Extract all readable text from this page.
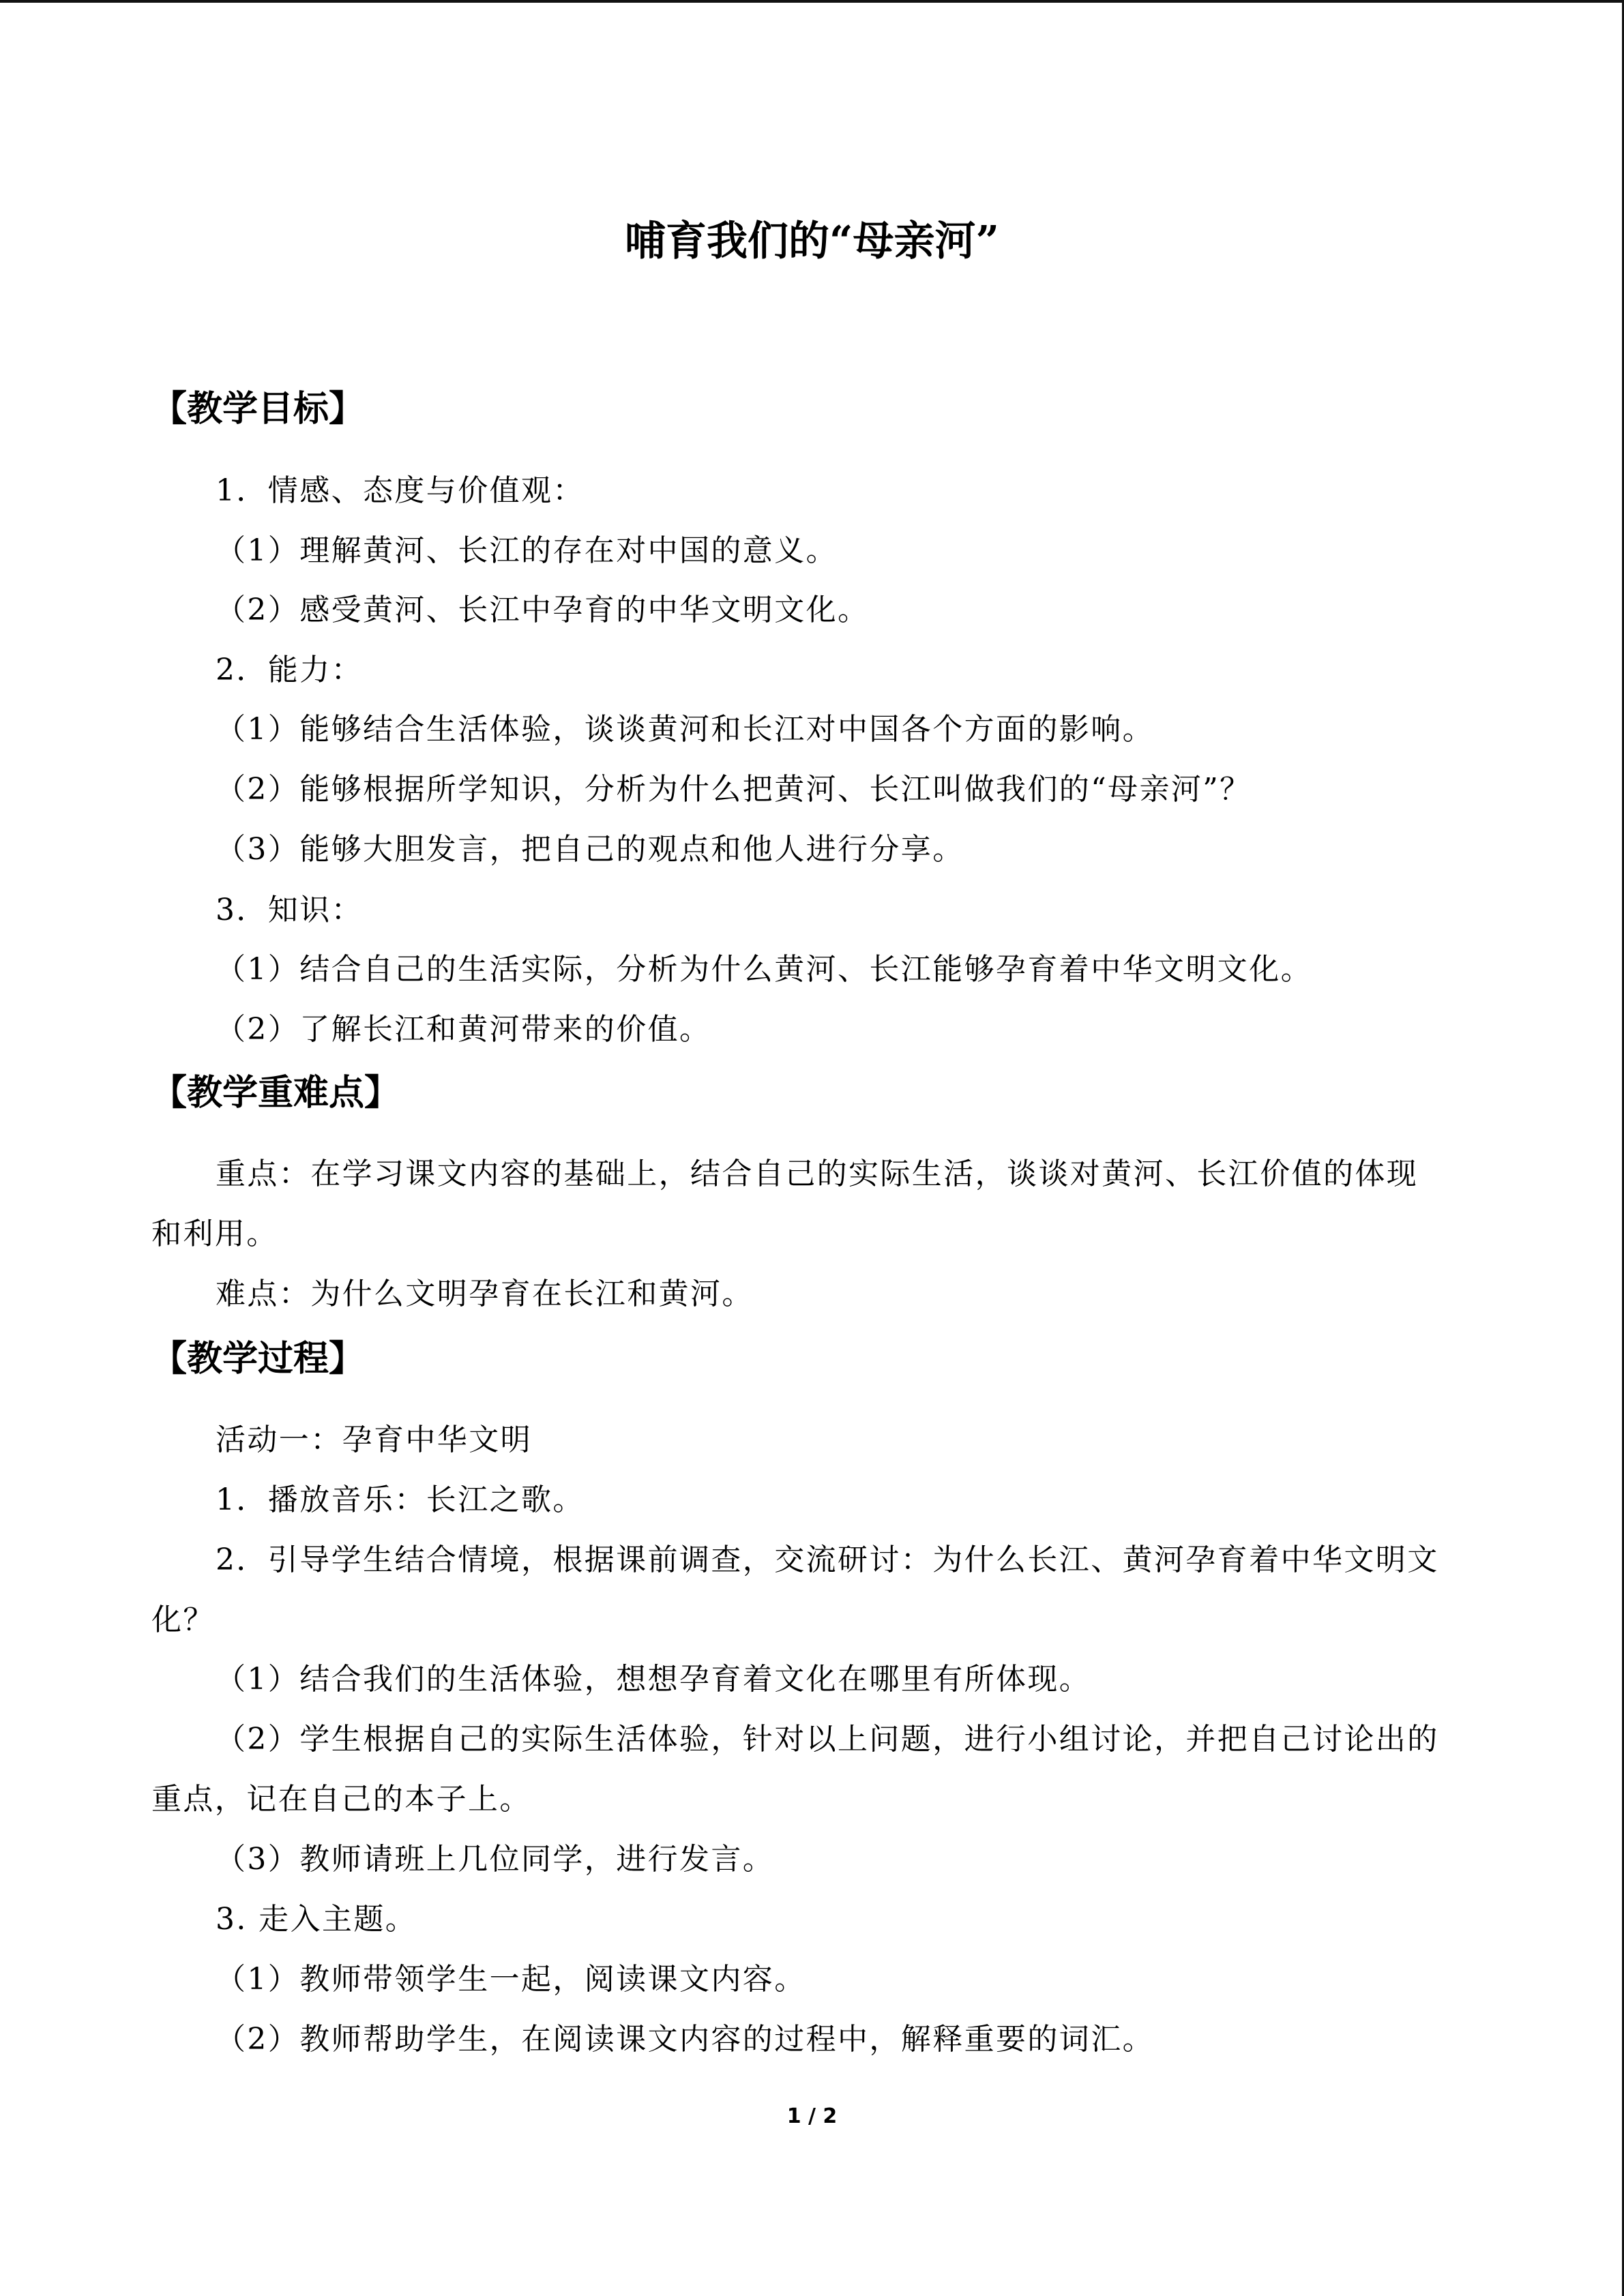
哺育我们的“母亲河”
【教学目标】
1．情感、态度与价值观：
（1）理解黄河、长江的存在对中国的意义。
（2）感受黄河、长江中孕育的中华文明文化。
2．能力：
（1）能够结合生活体验，谈谈黄河和长江对中国各个方面的影响。
（2）能够根据所学知识，分析为什么把黄河、长江叫做我们的“母亲河”？
（3）能够大胆发言，把自己的观点和他人进行分享。
3．知识：
（1）结合自己的生活实际，分析为什么黄河、长江能够孕育着中华文明文化。
（2）了解长江和黄河带来的价值。
【教学重难点】
重点：在学习课文内容的基础上，结合自己的实际生活，谈谈对黄河、长江价值的体现
和利用。
难点：为什么文明孕育在长江和黄河。
【教学过程】
活动一：孕育中华文明
1．播放音乐：长江之歌。
2．引导学生结合情境，根据课前调查，交流研讨：为什么长江、黄河孕育着中华文明文
化？
（1）结合我们的生活体验，想想孕育着文化在哪里有所体现。
（2）学生根据自己的实际生活体验，针对以上问题，进行小组讨论，并把自己讨论出的
重点，记在自己的本子上。
（3）教师请班上几位同学，进行发言。
3. 走入主题。
（1）教师带领学生一起，阅读课文内容。
（2）教师帮助学生，在阅读课文内容的过程中，解释重要的词汇。
1 / 2
